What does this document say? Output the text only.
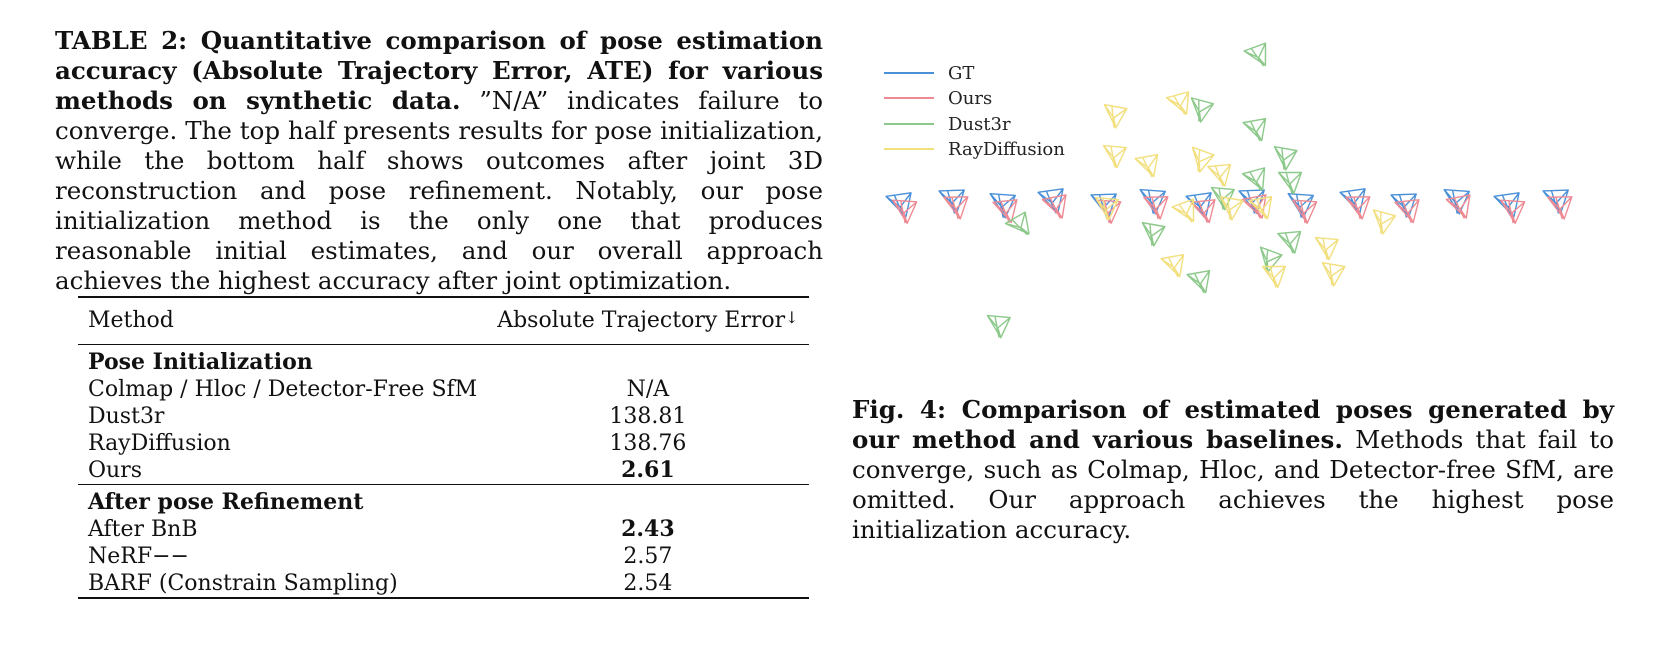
TABLE 2: Quantitative comparison of pose estimation accuracy (Absolute Trajectory Error, ATE) for various methods on synthetic data. ”N/A” indicates failure to converge. The top half presents results for pose initialization, while the bottom half shows outcomes after joint 3D reconstruction and pose refinement. Notably, our pose initialization method is the only one that produces reasonable initial estimates, and our overall approach achieves the highest accuracy after joint optimization.
Method	Absolute Trajectory Error↓
Pose Initialization	
Colmap / Hloc / Detector-Free SfM	N/A
Dust3r	138.81
RayDiffusion	138.76
Ours	2.61
After pose Refinement	
After BnB	2.43
NeRF−−	2.57
BARF (Constrain Sampling)	2.54
GT
Ours
Dust3r
RayDiffusion
Fig. 4: Comparison of estimated poses generated by our method and various baselines. Methods that fail to converge, such as Colmap, Hloc, and Detector-free SfM, are omitted. Our approach achieves the highest pose initialization accuracy.
